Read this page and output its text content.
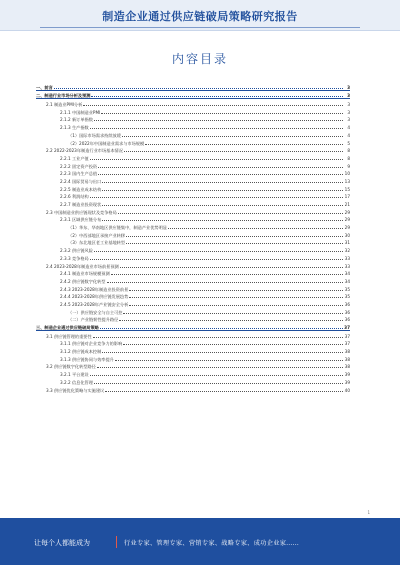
制造企业通过供应链破局策略研究报告
内容目录
一、前言	3
二、制造行业市场分析及预测	3
2.1 制造业PMI分析	3
2.1.1 中国制造业PMI	3
2.1.2 新订单指数	3
2.1.3 生产指数	4
（1）国际市场需求持续放缓	4
（2）2022年中国制造业需求与市场规模	5
2.2 2022-2023年制造行业市场基本情况	8
2.2.1 工业产值	8
2.2.2 固定资产投资	9
2.2.3 国内生产总值	10
2.2.4 国际贸易与出口	13
2.2.5 制造业成本结构	15
2.2.6 利润结构	17
2.2.7 制造业投资现状	21
2.3 中国制造业供应链现状及竞争格局	29
2.3.1 区域供应链分布	29
（1）华东、华南地区供应链集中，制造产业优势明显	29
（2）中西部地区承接产业转移	30
（3）东北地区老工业基地转型	31
2.3.2 供应链风险	32
2.3.3 竞争格局	33
2.4 2023-2028年制造业市场前景预测	33
2.4.1 制造业市场规模预测	34
2.4.2 供应链数字化转型	34
2.4.3 2023-2028年制造业投资前景	35
2.4.4 2023-2028年供应链发展趋势	35
2.4.5 2023-2028年产业链安全分析	36
（一）供应链安全与自主可控	36
（二）产业链韧性提升路径	36
三、制造企业通过供应链破局策略	37
3.1 供应链管理的重要性	37
3.1.1 供应链对企业竞争力的影响	37
3.1.2 供应链成本控制	38
3.1.3 供应链协同与效率提升	38
3.2 供应链数字化转型路径	38
3.2.1 平台建设	39
3.2.2 信息化管理	39
3.3 供应链优化策略与实施建议	40
1
让每个人都能成为	行业专家、管理专家、营销专家、战略专家、成功企业家……
